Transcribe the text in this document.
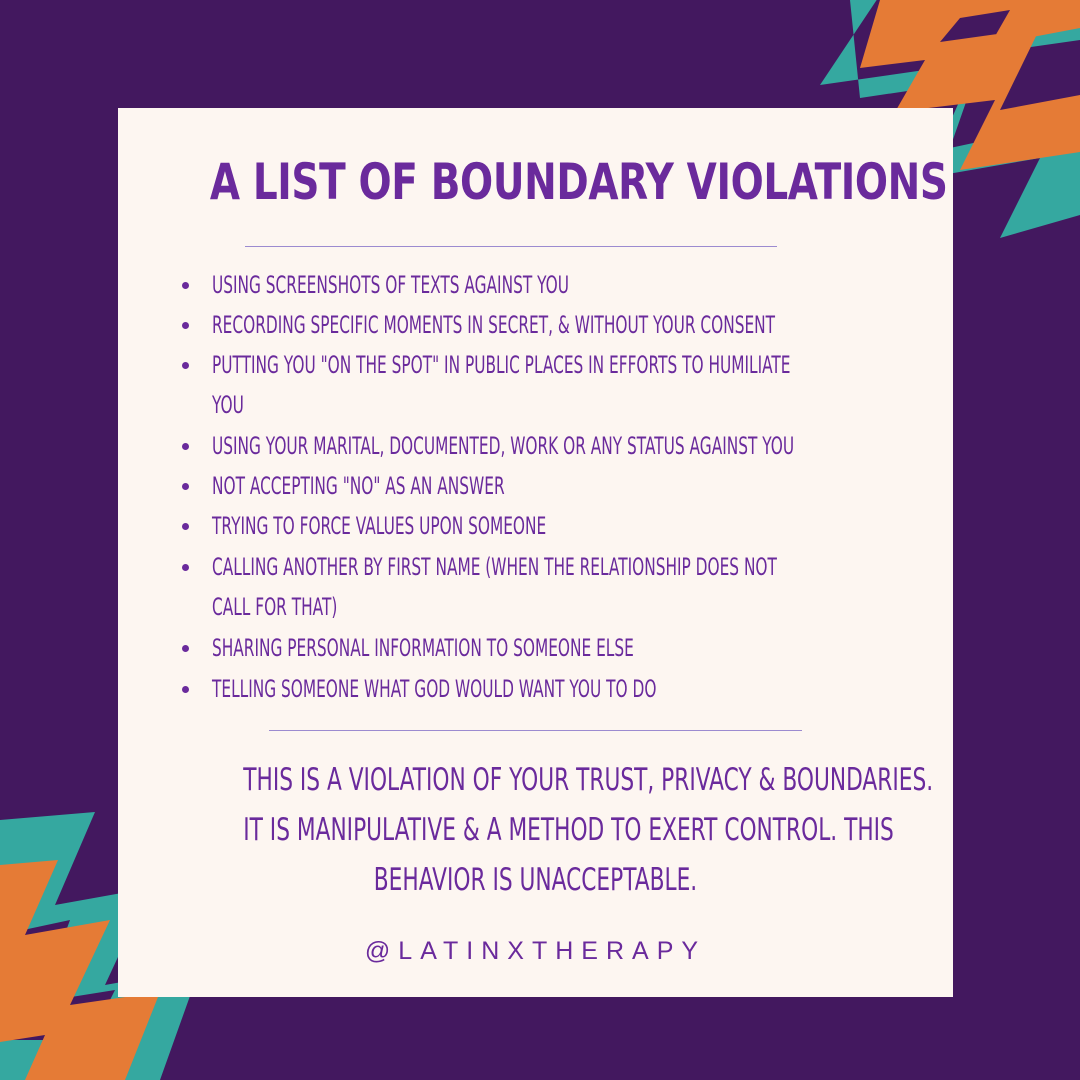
A LIST OF BOUNDARY VIOLATIONS
USING SCREENSHOTS OF TEXTS AGAINST YOU
RECORDING SPECIFIC MOMENTS IN SECRET, & WITHOUT YOUR CONSENT
PUTTING YOU "ON THE SPOT" IN PUBLIC PLACES IN EFFORTS TO HUMILIATE
YOU
USING YOUR MARITAL, DOCUMENTED, WORK OR ANY STATUS AGAINST YOU
NOT ACCEPTING "NO" AS AN ANSWER
TRYING TO FORCE VALUES UPON SOMEONE
CALLING ANOTHER BY FIRST NAME (WHEN THE RELATIONSHIP DOES NOT
CALL FOR THAT)
SHARING PERSONAL INFORMATION TO SOMEONE ELSE
TELLING SOMEONE WHAT GOD WOULD WANT YOU TO DO
THIS IS A VIOLATION OF YOUR TRUST, PRIVACY & BOUNDARIES.
IT IS MANIPULATIVE & A METHOD TO EXERT CONTROL. THIS
BEHAVIOR IS UNACCEPTABLE.
@LATINXTHERAPY
